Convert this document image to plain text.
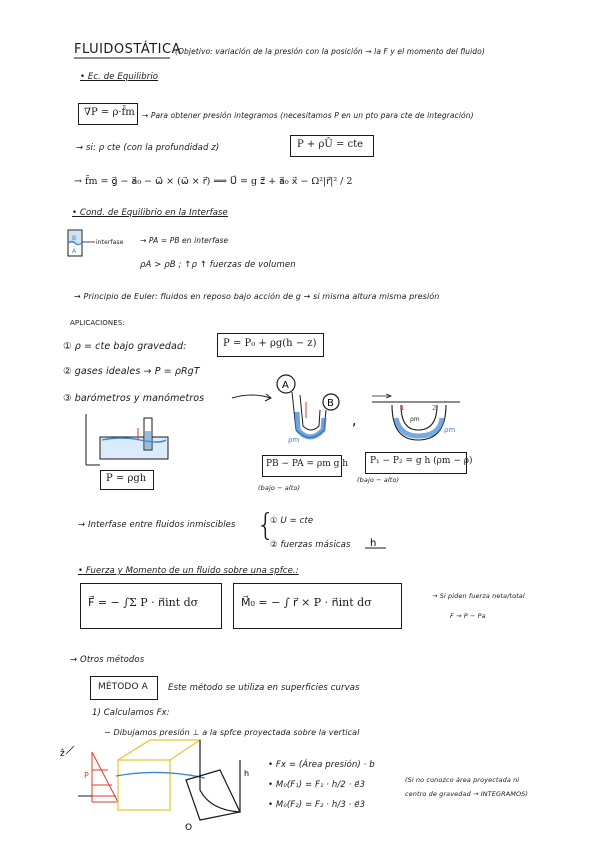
FLUIDOSTÁTICA
(Objetivo: variación de la presión con la posición → la F y el momento del fluido)
• Ec. de Equilibrio
∇P = ρ·f̄m → Para obtener presión integramos (necesitamos P en un pto para cte de integración)
→ si: ρ cte (con la profundidad z)	P + ρŪ = cte
→ f̄m = g⃗ − a⃗₀ − ω⃗ × (ω⃗ × r⃗) ⟹ U⃗ = g z⃗ + a⃗₀ x⃗ − Ω²|r⃗|² / 2
• Cond. de Equilibrio en la Interfase
interfase → PA = PB en interfase
ρA > ρB ; ↑ρ ↑ fuerzas de volumen
→ Principio de Euler: fluidos en reposo bajo acción de g → si misma altura misma presión
APLICACIONES:
① ρ = cte bajo gravedad:	P = P₀ + ρg(h − z)
② gases ideales → P = ρRgT
③ barómetros y manómetros
P = ρgh
PB − PA = ρm g h
(bajo − alto)
P₁ − P₂ = g h (ρm − ρ)
(bajo − alto)
→ Interfase entre fluidos inmiscibles {
① U = cte
② fuerzas másicas
• Fuerza y Momento de un fluido sobre una spfce.:
F⃗ = − ∫Σ P · n⃗int dσ	M⃗₀ = − ∫ r⃗ × P · n⃗int dσ	→ Si piden fuerza neta/total
F → P − Pa
→ Otros métodos
MÉTODO A Este método se utiliza en superficies curvas
1) Calculamos Fx:
− Dibujamos presión ⊥ a la spfce proyectada sobre la vertical
• Fx = (Área presión) · b
• M₀(F₁) = F₁ · h/2 · e⃗3
• M₀(F₂) = F₂ · h/3 · e⃗3
(Si no conozco área proyectada ni
centro de gravedad → INTEGRAMOS)
B
A
h
A
B
ρm
,	ρm
1	2
ρm
ẑ
P	h
O
